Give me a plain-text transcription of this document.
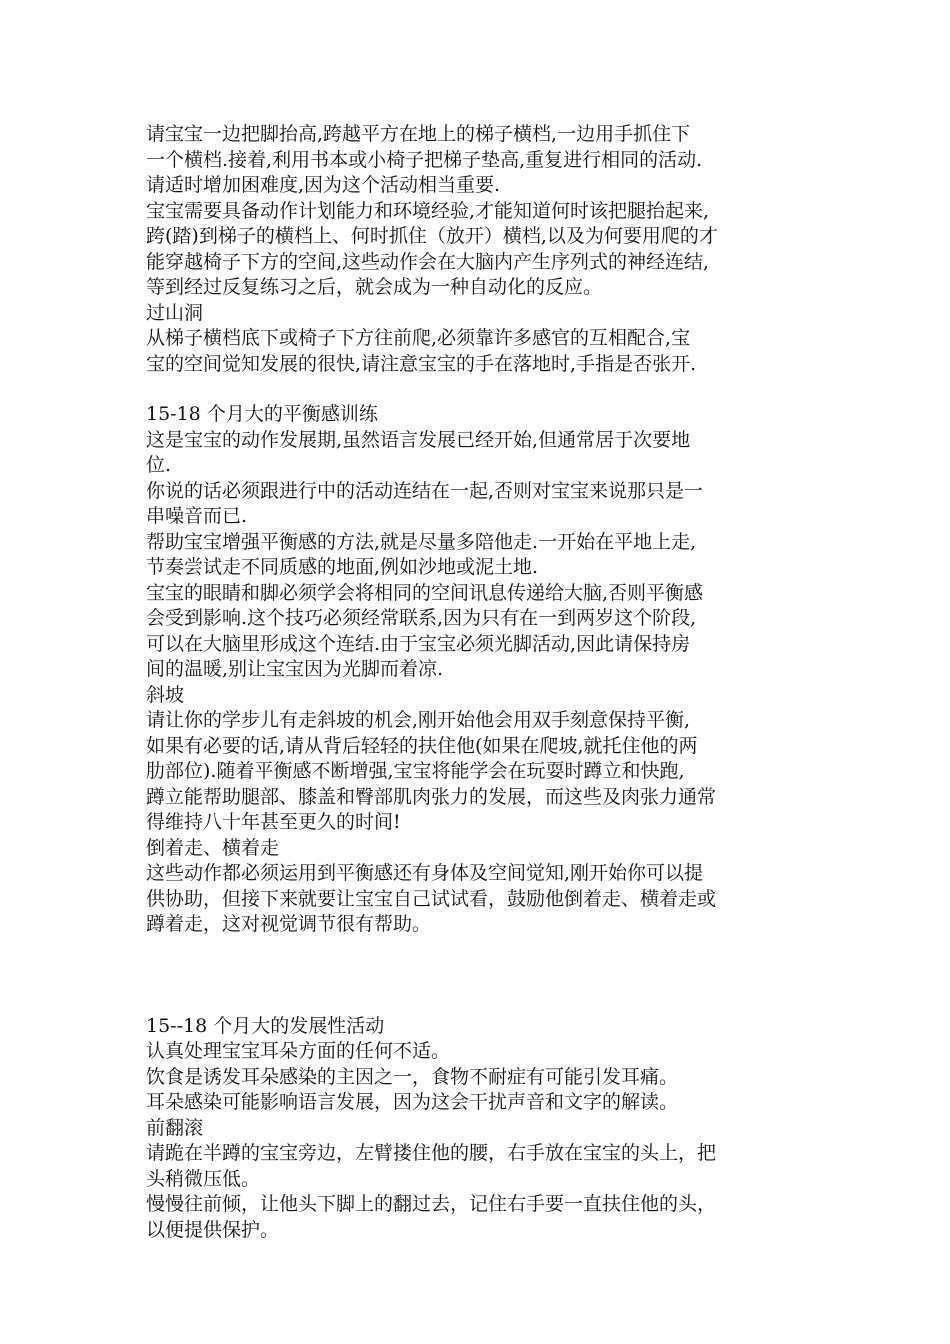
请宝宝一边把脚抬高,跨越平方在地上的梯子横档,一边用手抓住下
一个横档.接着,利用书本或小椅子把梯子垫高,重复进行相同的活动.
请适时增加困难度,因为这个活动相当重要.

宝宝需要具备动作计划能力和环境经验,才能知道何时该把腿抬起来,
跨(踏)到梯子的横档上、何时抓住（放开）横档,以及为何要用爬的才
能穿越椅子下方的空间,这些动作会在大脑内产生序列式的神经连结,
等到经过反复练习之后，就会成为一种自动化的反应。

过山洞

从梯子横档底下或椅子下方往前爬,必须靠许多感官的互相配合,宝
宝的空间觉知发展的很快,请注意宝宝的手在落地时,手指是否张开.

15-18 个月大的平衡感训练

这是宝宝的动作发展期,虽然语言发展已经开始,但通常居于次要地
位.

你说的话必须跟进行中的活动连结在一起,否则对宝宝来说那只是一
串噪音而已.

帮助宝宝增强平衡感的方法,就是尽量多陪他走.一开始在平地上走,
节奏尝试走不同质感的地面,例如沙地或泥土地.

宝宝的眼睛和脚必须学会将相同的空间讯息传递给大脑,否则平衡感
会受到影响.这个技巧必须经常联系,因为只有在一到两岁这个阶段,
可以在大脑里形成这个连结.由于宝宝必须光脚活动,因此请保持房
间的温暖,别让宝宝因为光脚而着凉.

斜坡

请让你的学步儿有走斜坡的机会,刚开始他会用双手刻意保持平衡,
如果有必要的话,请从背后轻轻的扶住他(如果在爬坡,就托住他的两
肋部位).随着平衡感不断增强,宝宝将能学会在玩耍时蹲立和快跑,
蹲立能帮助腿部、膝盖和臀部肌肉张力的发展，而这些及肉张力通常
得维持八十年甚至更久的时间!

倒着走、横着走

这些动作都必须运用到平衡感还有身体及空间觉知,刚开始你可以提
供协助，但接下来就要让宝宝自己试试看，鼓励他倒着走、横着走或
蹲着走，这对视觉调节很有帮助。

15--18 个月大的发展性活动

认真处理宝宝耳朵方面的任何不适。

饮食是诱发耳朵感染的主因之一，食物不耐症有可能引发耳痛。

耳朵感染可能影响语言发展，因为这会干扰声音和文字的解读。

前翻滚

请跪在半蹲的宝宝旁边，左臂搂住他的腰，右手放在宝宝的头上，把
头稍微压低。

慢慢往前倾，让他头下脚上的翻过去，记住右手要一直扶住他的头，
以便提供保护。
